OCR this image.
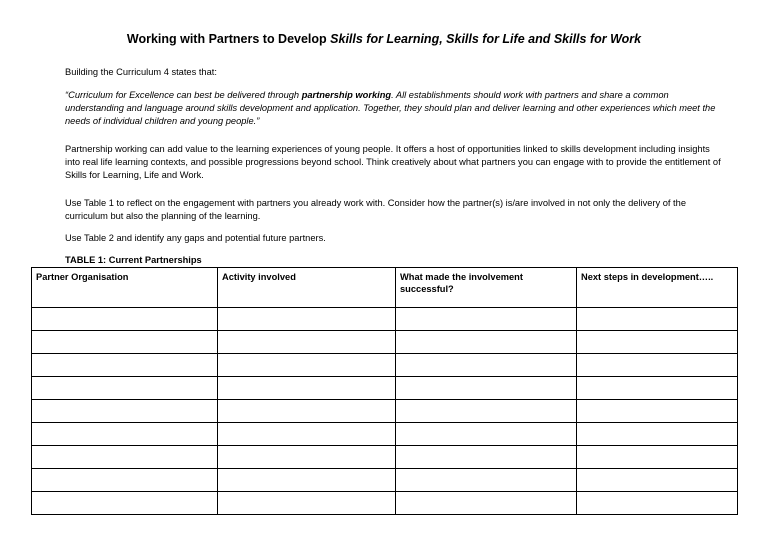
Working with Partners to Develop Skills for Learning, Skills for Life and Skills for Work

Building the Curriculum 4 states that:

“Curriculum for Excellence can best be delivered through partnership working. All establishments should work with partners and share a common understanding and language around skills development and application. Together, they should plan and deliver learning and other experiences which meet the needs of individual children and young people.”

Partnership working can add value to the learning experiences of young people. It offers a host of opportunities linked to skills development including insights into real life learning contexts, and possible progressions beyond school. Think creatively about what partners you can engage with to provide the entitlement of Skills for Learning, Life and Work.

Use Table 1 to reflect on the engagement with partners you already work with. Consider how the partner(s) is/are involved in not only the delivery of the curriculum but also the planning of the learning.

Use Table 2 and identify any gaps and potential future partners.

TABLE 1: Current Partnerships

Partner Organisation	Activity involved	What made the involvement successful?	Next steps in development…..
